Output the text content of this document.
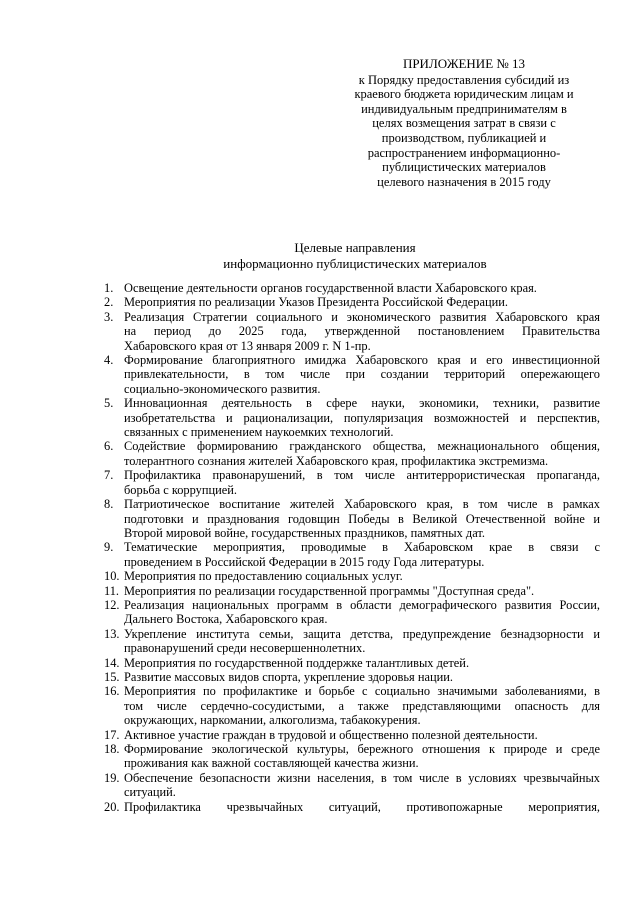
ПРИЛОЖЕНИЕ № 13
к Порядку предоставления субсидий из
краевого бюджета юридическим лицам и
индивидуальным предпринимателям в
целях возмещения затрат в связи с
производством, публикацией и
распространением информационно-
публицистических материалов
целевого назначения в 2015 году
Целевые направления
информационно публицистических материалов
1. Освещение деятельности органов государственной власти Хабаровского края.
2. Мероприятия по реализации Указов Президента Российской Федерации.
3. Реализация Стратегии социального и экономического развития Хабаровского края
на период до 2025 года, утвержденной постановлением Правительства
Хабаровского края от 13 января 2009 г. N 1-пр.
4. Формирование благоприятного имиджа Хабаровского края и его инвестиционной
привлекательности, в том числе при создании территорий опережающего
социально-экономического развития.
5. Инновационная деятельность в сфере науки, экономики, техники, развитие
изобретательства и рационализации, популяризация возможностей и перспектив,
связанных с применением наукоемких технологий.
6. Содействие формированию гражданского общества, межнационального общения,
толерантного сознания жителей Хабаровского края, профилактика экстремизма.
7. Профилактика правонарушений, в том числе антитеррористическая пропаганда,
борьба с коррупцией.
8. Патриотическое воспитание жителей Хабаровского края, в том числе в рамках
подготовки и празднования годовщин Победы в Великой Отечественной войне и
Второй мировой войне, государственных праздников, памятных дат.
9. Тематические мероприятия, проводимые в Хабаровском крае в связи с
проведением в Российской Федерации в 2015 году Года литературы.
10. Мероприятия по предоставлению социальных услуг.
11. Мероприятия по реализации государственной программы "Доступная среда".
12. Реализация национальных программ в области демографического развития России,
Дальнего Востока, Хабаровского края.
13. Укрепление института семьи, защита детства, предупреждение безнадзорности и
правонарушений среди несовершеннолетних.
14. Мероприятия по государственной поддержке талантливых детей.
15. Развитие массовых видов спорта, укрепление здоровья нации.
16. Мероприятия по профилактике и борьбе с социально значимыми заболеваниями, в
том числе сердечно-сосудистыми, а также представляющими опасность для
окружающих, наркомании, алкоголизма, табакокурения.
17. Активное участие граждан в трудовой и общественно полезной деятельности.
18. Формирование экологической культуры, бережного отношения к природе и среде
проживания как важной составляющей качества жизни.
19. Обеспечение безопасности жизни населения, в том числе в условиях чрезвычайных
ситуаций.
20. Профилактика чрезвычайных ситуаций, противопожарные мероприятия,
